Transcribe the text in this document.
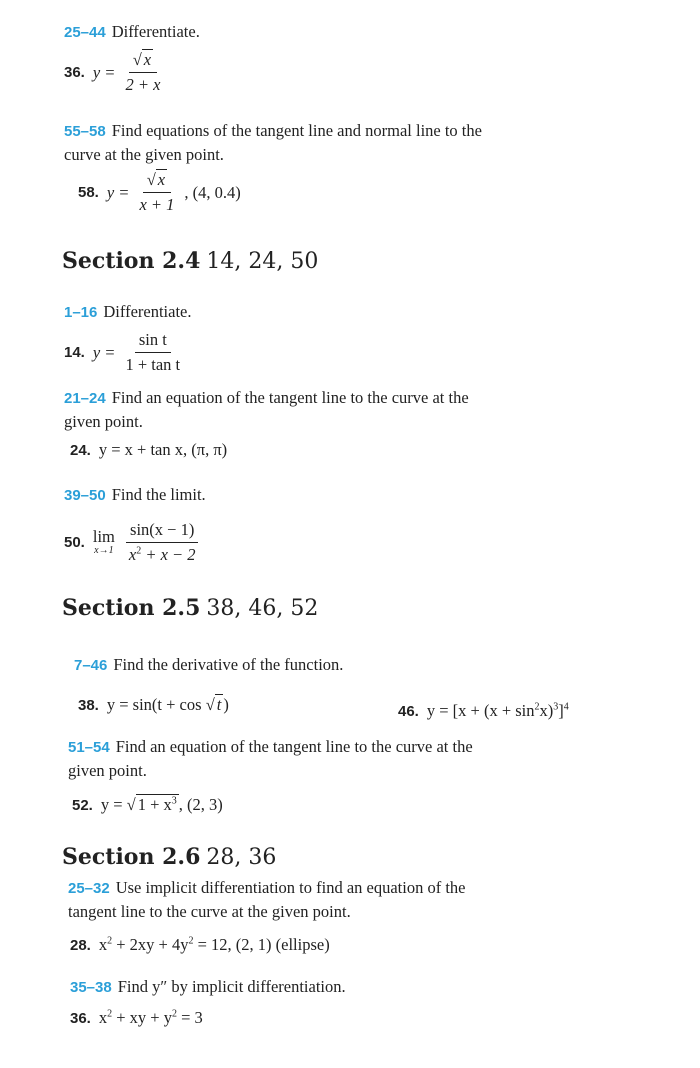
25–44 Differentiate.
36. $y = \frac{√ x}{2 + x}$
55–58 Find equations of the tangent line and normal line to the
curve at the given point.
58. $y = \frac{√ x}{x + 1}$ , (4, 0.4)
Section 2.4 14, 24, 50
1–16 Differentiate.
14. $y = \frac{\text{sin t}}{\text{1 + tan t}}$
21–24 Find an equation of the tangent line to the curve at the
given point.
24. y = x + tan x, (π, π)
39–50 Find the limit.
50. lim
$x\to 1 \frac{\sin(x - 1)}{x^2 + x - 2}$
Section 2.5 38, 46, 52
7–46 Find the derivative of the function.
38. y = sin(t + cos √ t )	46. $y = [x + (x + \sin^2x)^3]^4$
51–54 Find an equation of the tangent line to the curve at the
given point.
52. y = √ $1 + x^3$ , (2, 3)
Section 2.6 28, 36
25–32 Use implicit differentiation to find an equation of the
tangent line to the curve at the given point.
28. $x^2 + 2xy + 4y^2 = 12$, (2, 1) (ellipse)
35–38 Find y″ by implicit differentiation.
36. $x^2$ + xy + $y^2 = 3$
